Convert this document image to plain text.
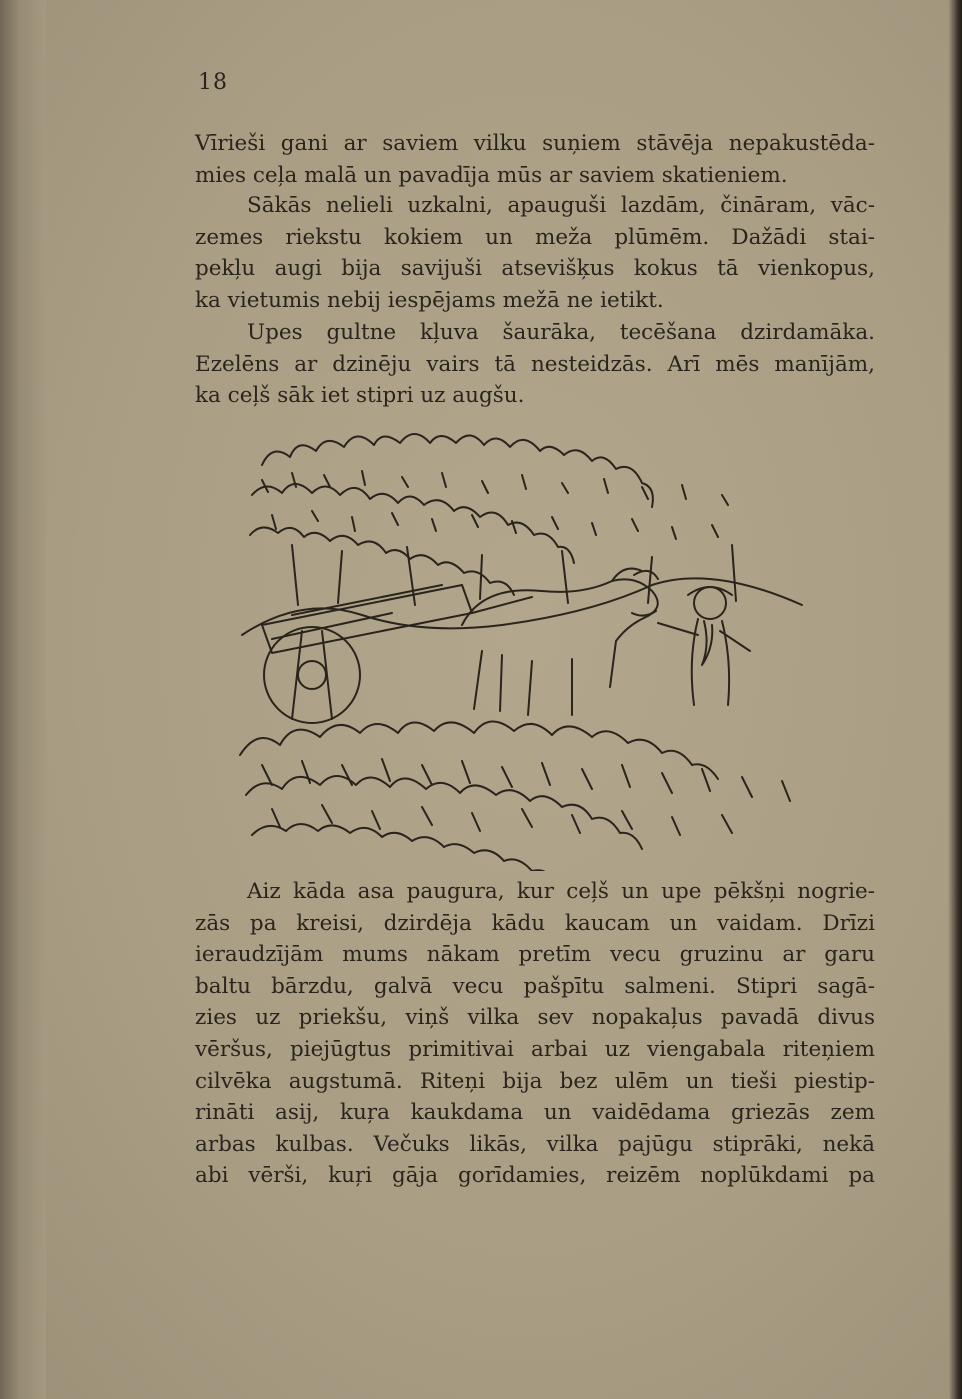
18

Vīrieši gani ar saviem vilku suņiem stāvēja nepakustēda-
mies ceļa malā un pavadīja mūs ar saviem skatieniem.

Sākās nelieli uzkalni, apauguši lazdām, čināram, vāc-
zemes riekstu kokiem un meža plūmēm. Dažādi stai-
pekļu augi bija savijuši atsevišķus kokus tā vienkopus,
ka vietumis nebij iespējams mežā ne ietikt.

Upes gultne kļuva šaurāka, tecēšana dzirdamāka.
Ezelēns ar dzinēju vairs tā nesteidzās. Arī mēs manījām,
ka ceļš sāk iet stipri uz augšu.

Aiz kāda asa paugura, kur ceļš un upe pēkšņi nogrie-
zās pa kreisi, dzirdēja kādu kaucam un vaidam. Drīzi
ieraudzījām mums nākam pretīm vecu gruzinu ar garu
baltu bārzdu, galvā vecu pašpītu salmeni. Stipri sagā-
zies uz priekšu, viņš vilka sev nopakaļus pavadā divus
vēršus, piejūgtus primitivai arbai uz viengabala riteņiem
cilvēka augstumā. Riteņi bija bez ulēm un tieši piestip-
rināti asij, kuŗa kaukdama un vaidēdama griezās zem
arbas kulbas. Večuks likās, vilka pajūgu stiprāki, nekā
abi vērši, kuŗi gāja gorīdamies, reizēm noplūkdami pa
